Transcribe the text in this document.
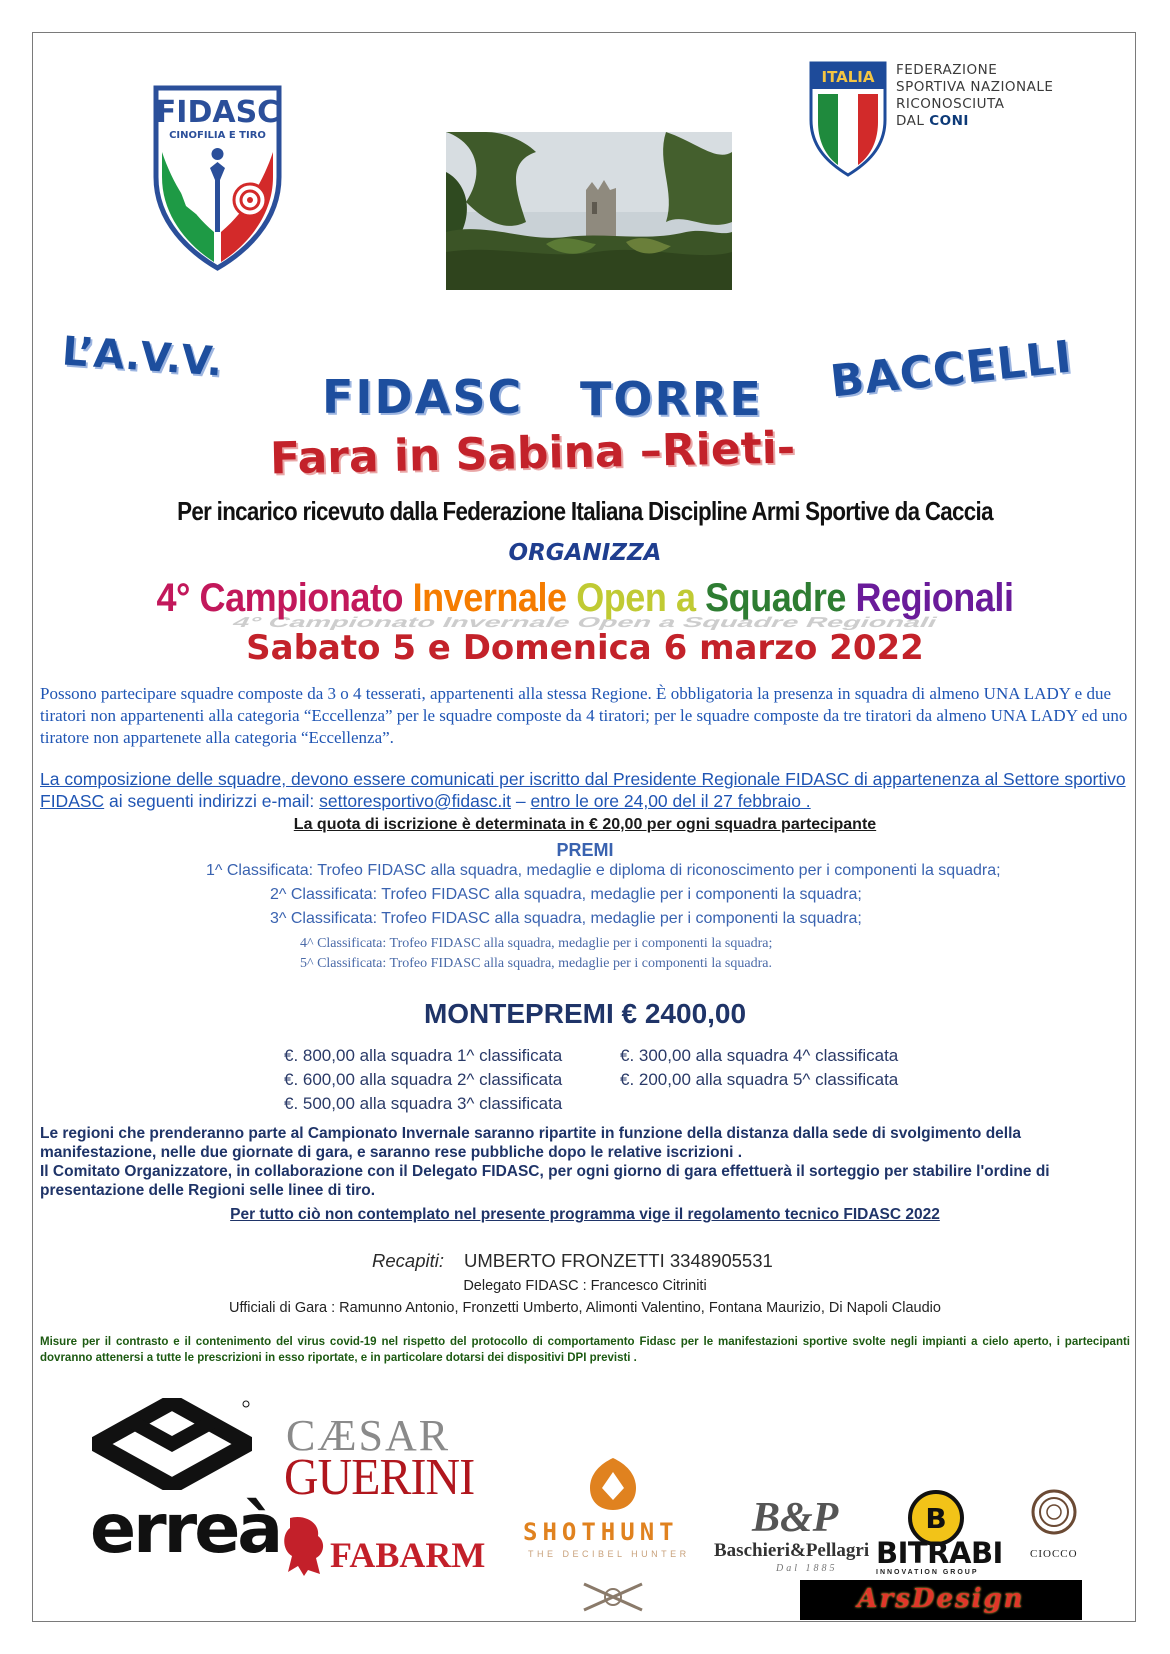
FIDASC
CINOFILIA E TIRO
ITALIA FEDERAZIONE
SPORTIVA NAZIONALE
RICONOSCIUTA
DAL CONI
L’A.V.V.
FIDASC TORRE BACCELLI
Fara in Sabina –Rieti-
Per incarico ricevuto dalla Federazione Italiana Discipline Armi Sportive da Caccia
ORGANIZZA
4° Campionato Invernale Open a Squadre Regionali
4° Campionato Invernale Open a Squadre Regionali
Sabato 5 e Domenica 6 marzo 2022
Possono partecipare squadre composte da 3 o 4 tesserati, appartenenti alla stessa Regione. È obbligatoria la presenza in squadra di almeno UNA LADY e due tiratori non appartenenti alla categoria “Eccellenza” per le squadre composte da 4 tiratori; per le squadre composte da tre tiratori da almeno UNA LADY ed uno tiratore non appartenete alla categoria “Eccellenza”.
La composizione delle squadre, devono essere comunicati per iscritto dal Presidente Regionale FIDASC di appartenenza al Settore sportivo FIDASC ai seguenti indirizzi e-mail: settoresportivo@fidasc.it – entro le ore 24,00 del il 27 febbraio .
La quota di iscrizione è determinata in € 20,00 per ogni squadra partecipante
PREMI
1^ Classificata: Trofeo FIDASC alla squadra, medaglie e diploma di riconoscimento per i componenti la squadra;
2^ Classificata: Trofeo FIDASC alla squadra, medaglie per i componenti la squadra;
3^ Classificata: Trofeo FIDASC alla squadra, medaglie per i componenti la squadra;
4^ Classificata: Trofeo FIDASC alla squadra, medaglie per i componenti la squadra;
5^ Classificata: Trofeo FIDASC alla squadra, medaglie per i componenti la squadra.
MONTEPREMI € 2400,00
€. 800,00 alla squadra 1^ classificata
€. 600,00 alla squadra 2^ classificata
€. 500,00 alla squadra 3^ classificata
€. 300,00 alla squadra 4^ classificata
€. 200,00 alla squadra 5^ classificata
Le regioni che prenderanno parte al Campionato Invernale saranno ripartite in funzione della distanza dalla sede di svolgimento della manifestazione, nelle due giornate di gara, e saranno rese pubbliche dopo le relative iscrizioni .
Il Comitato Organizzatore, in collaborazione con il Delegato FIDASC, per ogni giorno di gara effettuerà il sorteggio per stabilire l'ordine di presentazione delle Regioni selle linee di tiro.
Per tutto ciò non contemplato nel presente programma vige il regolamento tecnico FIDASC 2022
Recapiti: UMBERTO FRONZETTI 3348905531
Delegato FIDASC : Francesco Citriniti
Ufficiali di Gara : Ramunno Antonio, Fronzetti Umberto, Alimonti Valentino, Fontana Maurizio, Di Napoli Claudio
Misure per il contrasto e il contenimento del virus covid-19 nel rispetto del protocollo di comportamento Fidasc per le manifestazioni sportive svolte negli impianti a cielo aperto, i partecipanti dovranno attenersi a tutte le prescrizioni in esso riportate, e in particolare dotarsi dei dispositivi DPI previsti .
erreà
CÆSAR
GUERINI
FABARM
SHOTHUNT
THE DECIBEL HUNTER
B&P
Baschieri&Pellagri
Dal 1885
B
BITRABI
INNOVATION GROUP
CIOCCO
ArsDesign
